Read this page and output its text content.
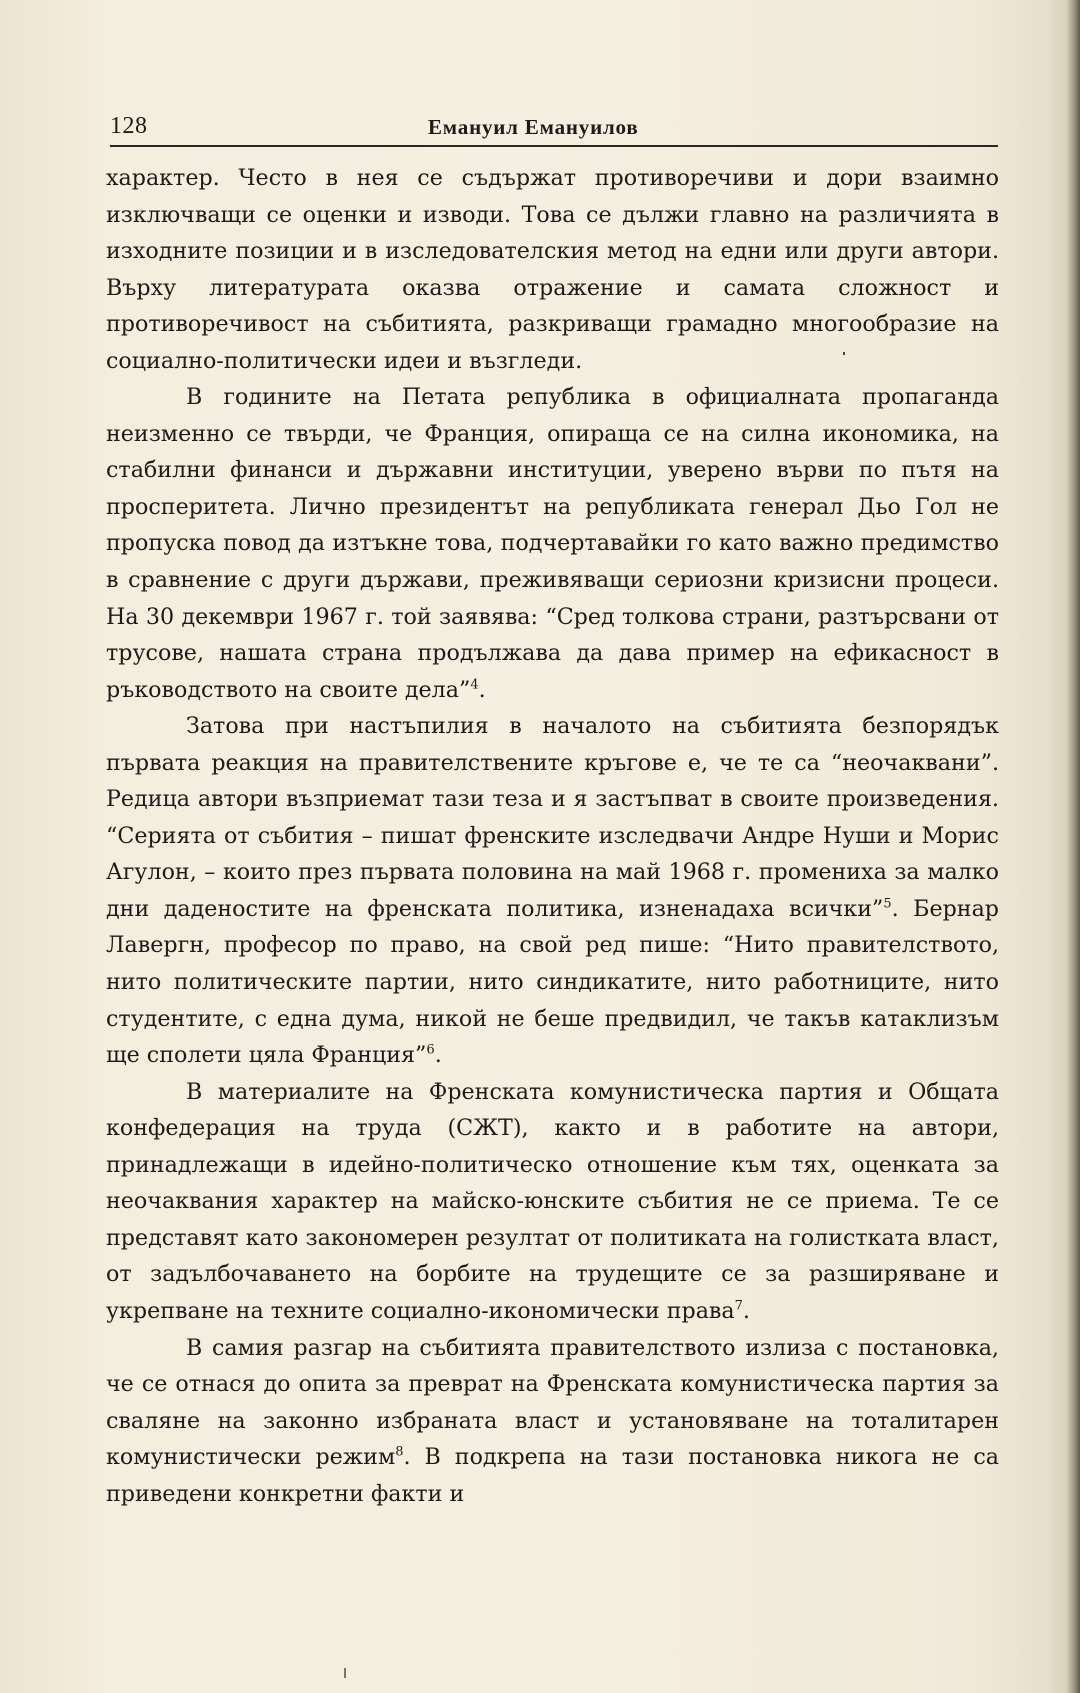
128	Емануил Емануилов

характер. Често в нея се съдържат противоречиви и дори взаимно изключващи се оценки и изводи. Това се дължи главно на различията в изходните позиции и в изследователския метод на едни или други автори. Върху литературата оказва отражение и самата сложност и противоречивост на събитията, разкриващи грамадно многообразие на социално-политически идеи и възгледи.

В годините на Петата република в официалната пропаганда неизменно се твърди, че Франция, опираща се на силна икономика, на стабилни финанси и държавни институции, уверено върви по пътя на просперитета. Лично президентът на републиката генерал Дьо Гол не пропуска повод да изтъкне това, подчертавайки го като важно предимство в сравнение с други държави, преживяващи сериозни кризисни процеси. На 30 декември 1967 г. той заявява: “Сред толкова страни, разтърсвани от трусове, нашата страна продължава да дава пример на ефикасност в ръководството на своите дела”$^4$.

Затова при настъпилия в началото на събитията безпорядък първата реакция на правителствените кръгове е, че те са “неочаквани”. Редица автори възприемат тази теза и я застъпват в своите произведения. “Серията от събития – пишат френските изследвачи Андре Нуши и Морис Агулон, – които през първата половина на май 1968 г. промениха за малко дни даденостите на френската политика, изненадаха всички”$^5$. Бернар Лавергн, професор по право, на свой ред пише: “Нито правителството, нито политическите партии, нито синдикатите, нито работниците, нито студентите, с една дума, никой не беше предвидил, че такъв катаклизъм ще сполети цяла Франция”$^6$.

В материалите на Френската комунистическа партия и Общата конфедерация на труда (СЖТ), както и в работите на автори, принадлежащи в идейно-политическо отношение към тях, оценката за неочаквания характер на майско-юнските събития не се приема. Те се представят като закономерен резултат от политиката на голистката власт, от задълбочаването на борбите на трудещите се за разширяване и укрепване на техните социално-икономически права$^7$.

В самия разгар на събитията правителството излиза с постановка, че се отнася до опита за преврат на Френската комунистическа партия за сваляне на законно избраната власт и установяване на тоталитарен комунистически режим$^8$. В подкрепа на тази постановка никога не са приведени конкретни факти и
